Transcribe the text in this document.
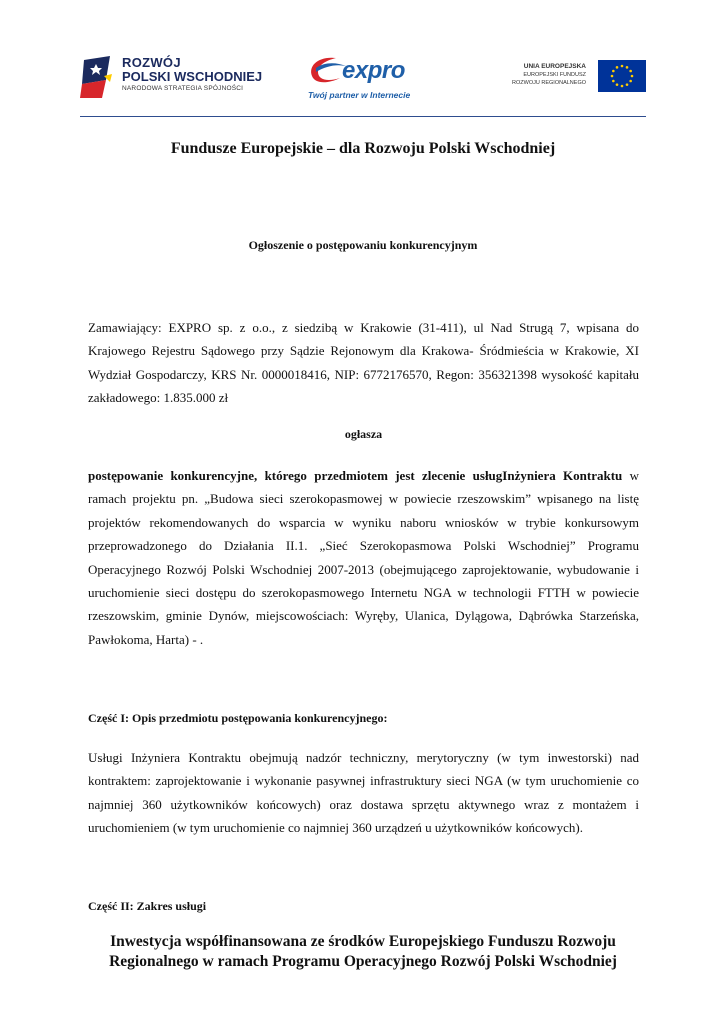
ROZWÓJ
POLSKI WSCHODNIEJ
NARODOWA STRATEGIA SPÓJNOŚCI
expro
Twój partner w Internecie
UNIA EUROPEJSKA
EUROPEJSKI FUNDUSZ
ROZWOJU REGIONALNEGO
Fundusze Europejskie – dla Rozwoju Polski Wschodniej
Ogłoszenie o postępowaniu konkurencyjnym
Zamawiający: EXPRO sp. z o.o., z siedzibą w Krakowie (31-411), ul Nad Strugą 7, wpisana do Krajowego Rejestru Sądowego przy Sądzie Rejonowym dla Krakowa- Śródmieścia w Krakowie, XI Wydział Gospodarczy, KRS Nr. 0000018416, NIP: 6772176570, Regon: 356321398 wysokość kapitału zakładowego: 1.835.000 zł
ogłasza
postępowanie konkurencyjne, którego przedmiotem jest zlecenie usługInżyniera Kontraktu w ramach projektu pn. „Budowa sieci szerokopasmowej w powiecie rzeszowskim” wpisanego na listę projektów rekomendowanych do wsparcia w wyniku naboru wniosków w trybie konkursowym przeprowadzonego do Działania II.1. „Sieć Szerokopasmowa Polski Wschodniej” Programu Operacyjnego Rozwój Polski Wschodniej 2007-2013 (obejmującego zaprojektowanie, wybudowanie i uruchomienie sieci dostępu do szerokopasmowego Internetu NGA w technologii FTTH w powiecie rzeszowskim, gminie Dynów, miejscowościach: Wyręby, Ulanica, Dylągowa, Dąbrówka Starzeńska, Pawłokoma, Harta) - .
Część I: Opis przedmiotu postępowania konkurencyjnego:
Usługi Inżyniera Kontraktu obejmują nadzór techniczny, merytoryczny (w tym inwestorski) nad kontraktem: zaprojektowanie i wykonanie pasywnej infrastruktury sieci NGA (w tym uruchomienie co najmniej 360 użytkowników końcowych) oraz dostawa sprzętu aktywnego wraz z montażem i uruchomieniem (w tym uruchomienie co najmniej 360 urządzeń u użytkowników końcowych).
Część II: Zakres usługi
Inwestycja współfinansowana ze środków Europejskiego Funduszu Rozwoju Regionalnego w ramach Programu Operacyjnego Rozwój Polski Wschodniej
